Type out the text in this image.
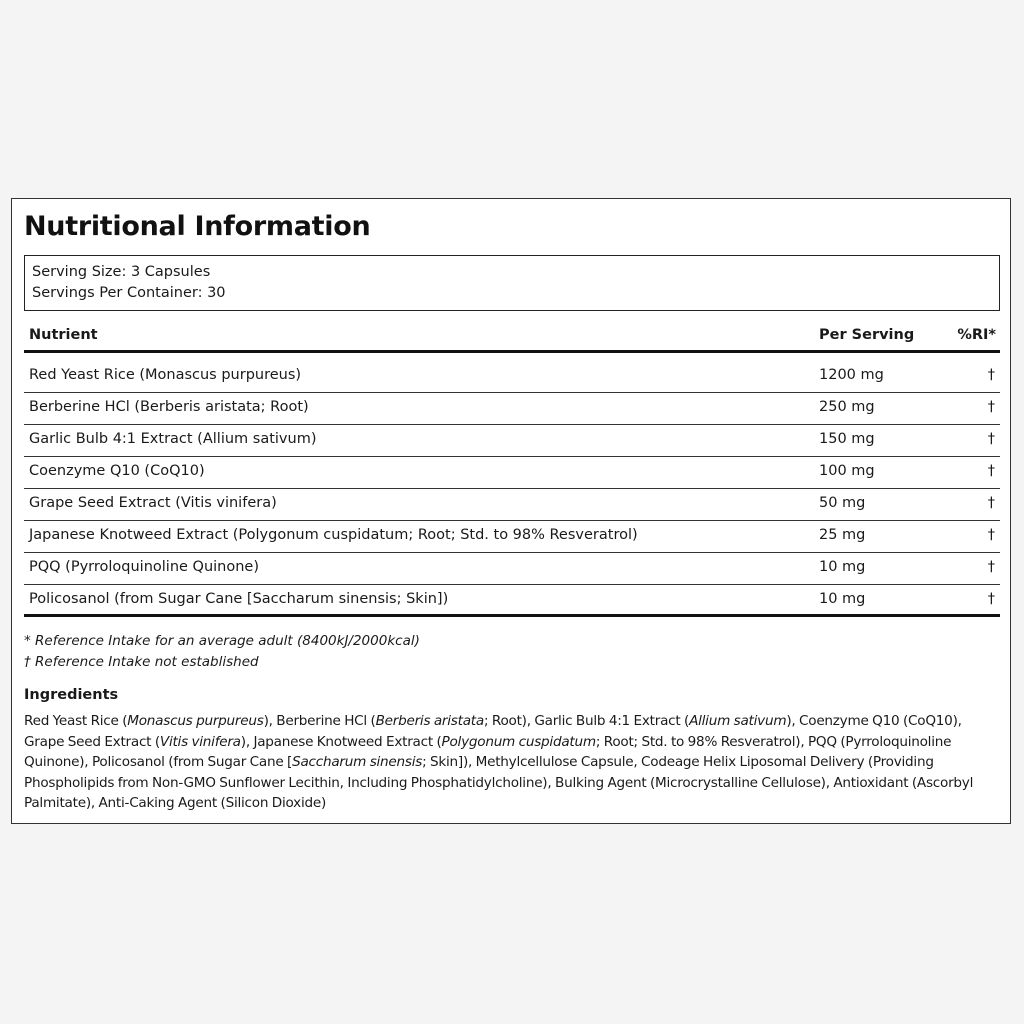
Nutritional Information
Serving Size: 3 Capsules
Servings Per Container: 30
Nutrient	Per Serving	%RI*
Red Yeast Rice (Monascus purpureus)	1200 mg	†
Berberine HCl (Berberis aristata; Root)	250 mg	†
Garlic Bulb 4:1 Extract (Allium sativum)	150 mg	†
Coenzyme Q10 (CoQ10)	100 mg	†
Grape Seed Extract (Vitis vinifera)	50 mg	†
Japanese Knotweed Extract (Polygonum cuspidatum; Root; Std. to 98% Resveratrol)	25 mg	†
PQQ (Pyrroloquinoline Quinone)	10 mg	†
Policosanol (from Sugar Cane [Saccharum sinensis; Skin])	10 mg	†
* Reference Intake for an average adult (8400kJ/2000kcal)
† Reference Intake not established
Ingredients

Red Yeast Rice (Monascus purpureus), Berberine HCl (Berberis aristata; Root), Garlic Bulb 4:1 Extract (Allium sativum), Coenzyme Q10 (CoQ10), Grape Seed Extract (Vitis vinifera), Japanese Knotweed Extract (Polygonum cuspidatum; Root; Std. to 98% Resveratrol), PQQ (Pyrroloquinoline Quinone), Policosanol (from Sugar Cane [Saccharum sinensis; Skin]), Methylcellulose Capsule, Codeage Helix Liposomal Delivery (Providing Phospholipids from Non-GMO Sunflower Lecithin, Including Phosphatidylcholine), Bulking Agent (Microcrystalline Cellulose), Antioxidant (Ascorbyl Palmitate), Anti-Caking Agent (Silicon Dioxide)
